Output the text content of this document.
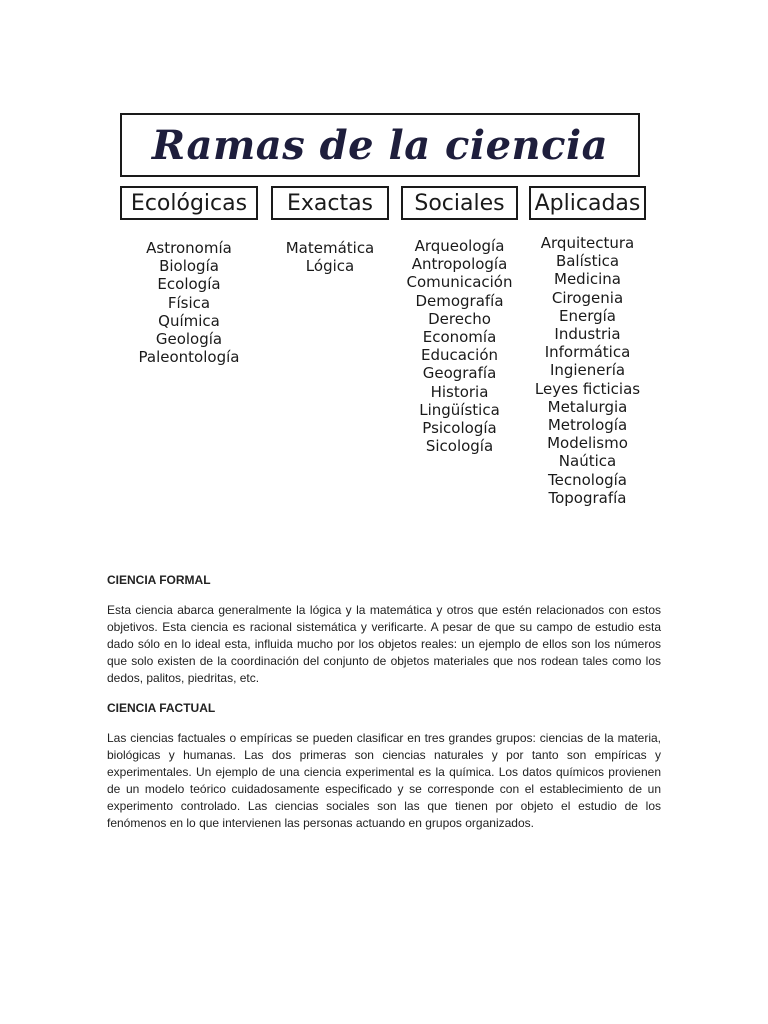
Ramas de la ciencia
Ecológicas Exactas Sociales Aplicadas
Astronomía
Biología
Ecología
Física
Química
Geología
Paleontología
Matemática
Lógica
Arqueología
Antropología
Comunicación
Demografía
Derecho
Economía
Educación
Geografía
Historia
Lingüística
Psicología
Sicología
Arquitectura
Balística
Medicina
Cirogenia
Energía
Industria
Informática
Ingienería
Leyes ficticias
Metalurgia
Metrología
Modelismo
Naútica
Tecnología
Topografía

CIENCIA FORMAL

Esta ciencia abarca generalmente la lógica y la matemática y otros que estén relacionados con estos objetivos. Esta ciencia es racional sistemática y verificarte. A pesar de que su campo de estudio esta dado sólo en lo ideal esta, influida mucho por los objetos reales: un ejemplo de ellos son los números que solo existen de la coordinación del conjunto de objetos materiales que nos rodean tales como los dedos, palitos, piedritas, etc.

CIENCIA FACTUAL

Las ciencias factuales o empíricas se pueden clasificar en tres grandes grupos: ciencias de la materia, biológicas y humanas. Las dos primeras son ciencias naturales y por tanto son empíricas y experimentales. Un ejemplo de una ciencia experimental es la química. Los datos químicos provienen de un modelo teórico cuidadosamente especificado y se corresponde con el establecimiento de un experimento controlado. Las ciencias sociales son las que tienen por objeto el estudio de los fenómenos en lo que intervienen las personas actuando en grupos organizados.
